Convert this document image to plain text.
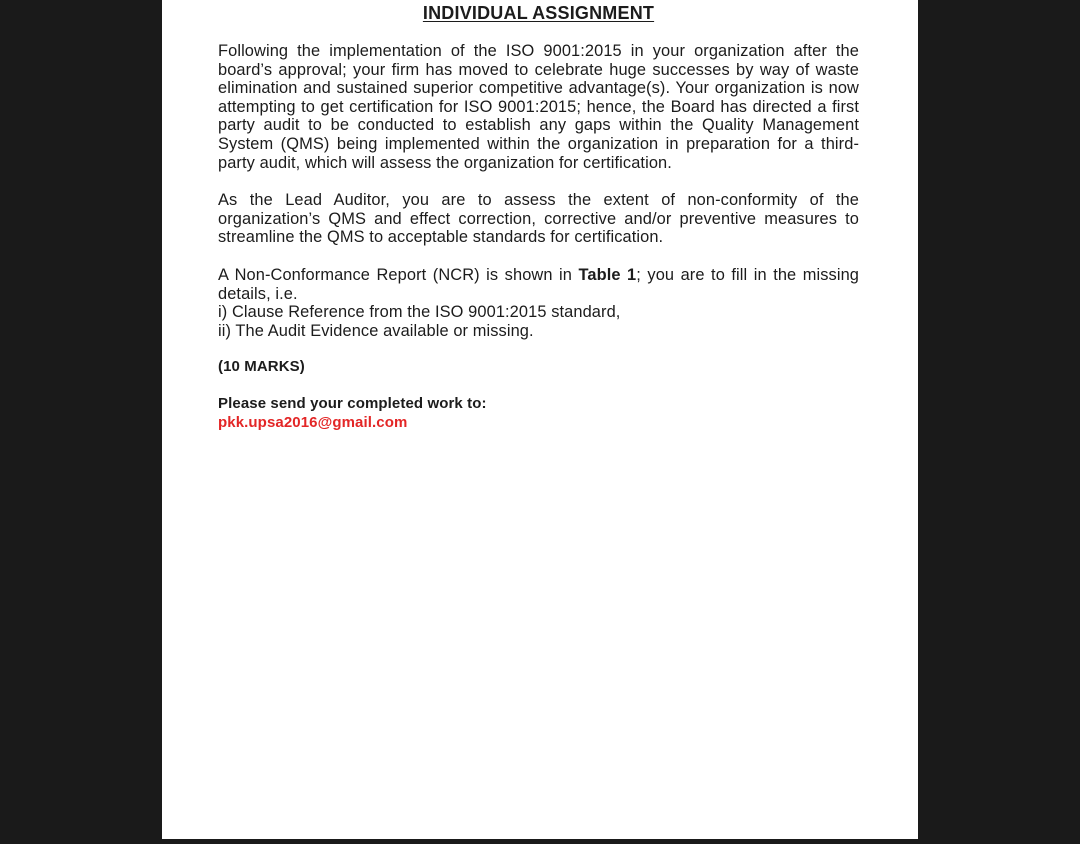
INDIVIDUAL ASSIGNMENT

Following the implementation of the ISO 9001:2015 in your organization after the board’s approval; your firm has moved to celebrate huge successes by way of waste elimination and sustained superior competitive advantage(s). Your organization is now attempting to get certification for ISO 9001:2015; hence, the Board has directed a first party audit to be conducted to establish any gaps within the Quality Management System (QMS) being implemented within the organization in preparation for a third-party audit, which will assess the organization for certification.

As the Lead Auditor, you are to assess the extent of non-conformity of the organization’s QMS and effect correction, corrective and/or preventive measures to streamline the QMS to acceptable standards for certification.

A Non-Conformance Report (NCR) is shown in Table 1; you are to fill in the missing details, i.e.

i) Clause Reference from the ISO 9001:2015 standard,

ii) The Audit Evidence available or missing.

(10 MARKS)

Please send your completed work to:

pkk.upsa2016@gmail.com
